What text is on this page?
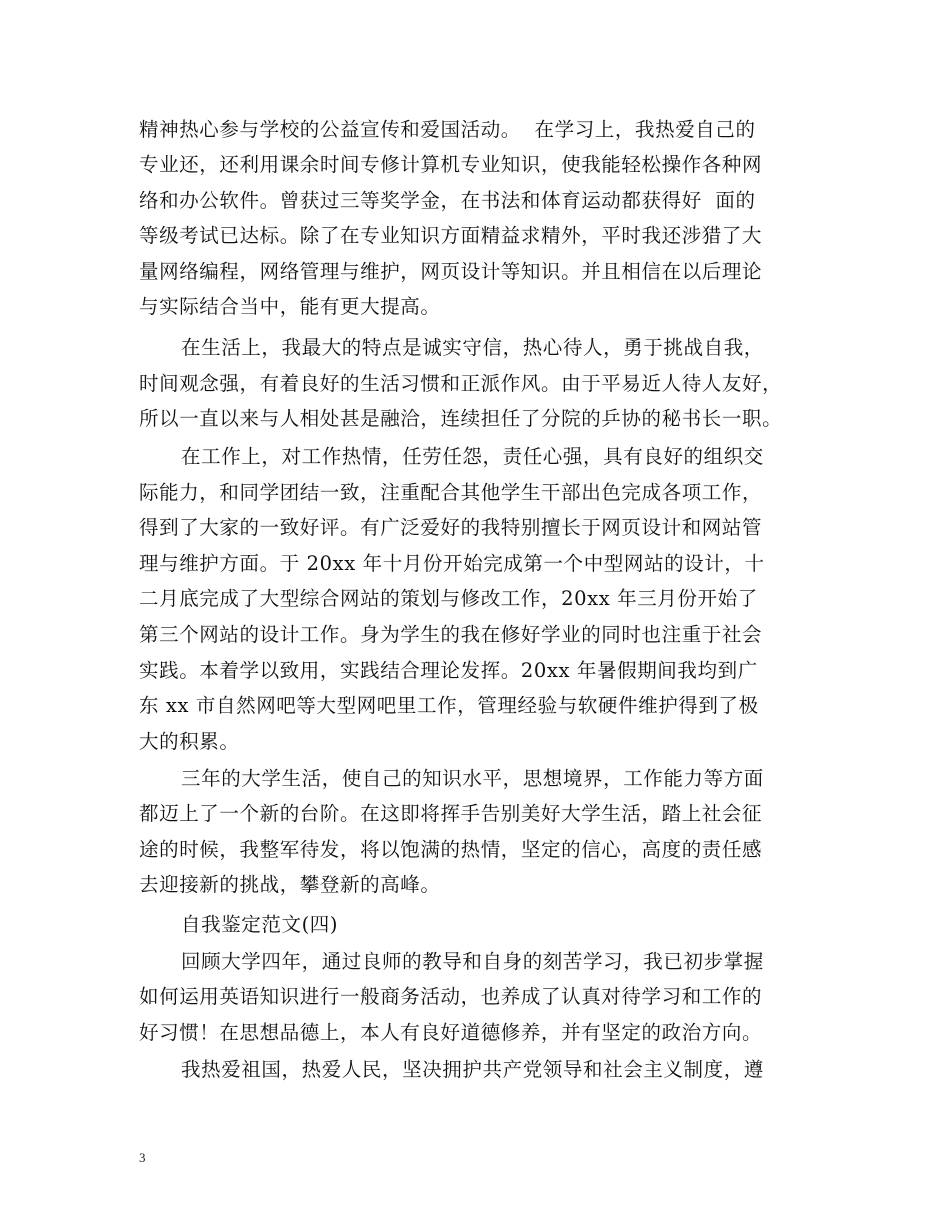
精神热心参与学校的公益宣传和爱国活动。  在学习上，我热爱自己的
专业还，还利用课余时间专修计算机专业知识，使我能轻松操作各种网
络和办公软件。曾获过三等奖学金，在书法和体育运动都获得好  面的
等级考试已达标。除了在专业知识方面精益求精外，平时我还涉猎了大
量网络编程，网络管理与维护，网页设计等知识。并且相信在以后理论
与实际结合当中，能有更大提高。
在生活上，我最大的特点是诚实守信，热心待人，勇于挑战自我，
时间观念强，有着良好的生活习惯和正派作风。由于平易近人待人友好，
所以一直以来与人相处甚是融洽，连续担任了分院的乒协的秘书长一职。
在工作上，对工作热情，任劳任怨，责任心强，具有良好的组织交
际能力，和同学团结一致，注重配合其他学生干部出色完成各项工作，
得到了大家的一致好评。有广泛爱好的我特别擅长于网页设计和网站管
理与维护方面。于 20xx 年十月份开始完成第一个中型网站的设计，十
二月底完成了大型综合网站的策划与修改工作，20xx 年三月份开始了
第三个网站的设计工作。身为学生的我在修好学业的同时也注重于社会
实践。本着学以致用，实践结合理论发挥。20xx 年暑假期间我均到广
东 xx 市自然网吧等大型网吧里工作，管理经验与软硬件维护得到了极
大的积累。
三年的大学生活，使自己的知识水平，思想境界，工作能力等方面
都迈上了一个新的台阶。在这即将挥手告别美好大学生活，踏上社会征
途的时候，我整军待发，将以饱满的热情，坚定的信心，高度的责任感
去迎接新的挑战，攀登新的高峰。
自我鉴定范文(四)
回顾大学四年，通过良师的教导和自身的刻苦学习，我已初步掌握
如何运用英语知识进行一般商务活动，也养成了认真对待学习和工作的
好习惯！在思想品德上，本人有良好道德修养，并有坚定的政治方向。
我热爱祖国，热爱人民，坚决拥护共产党领导和社会主义制度，遵
3
